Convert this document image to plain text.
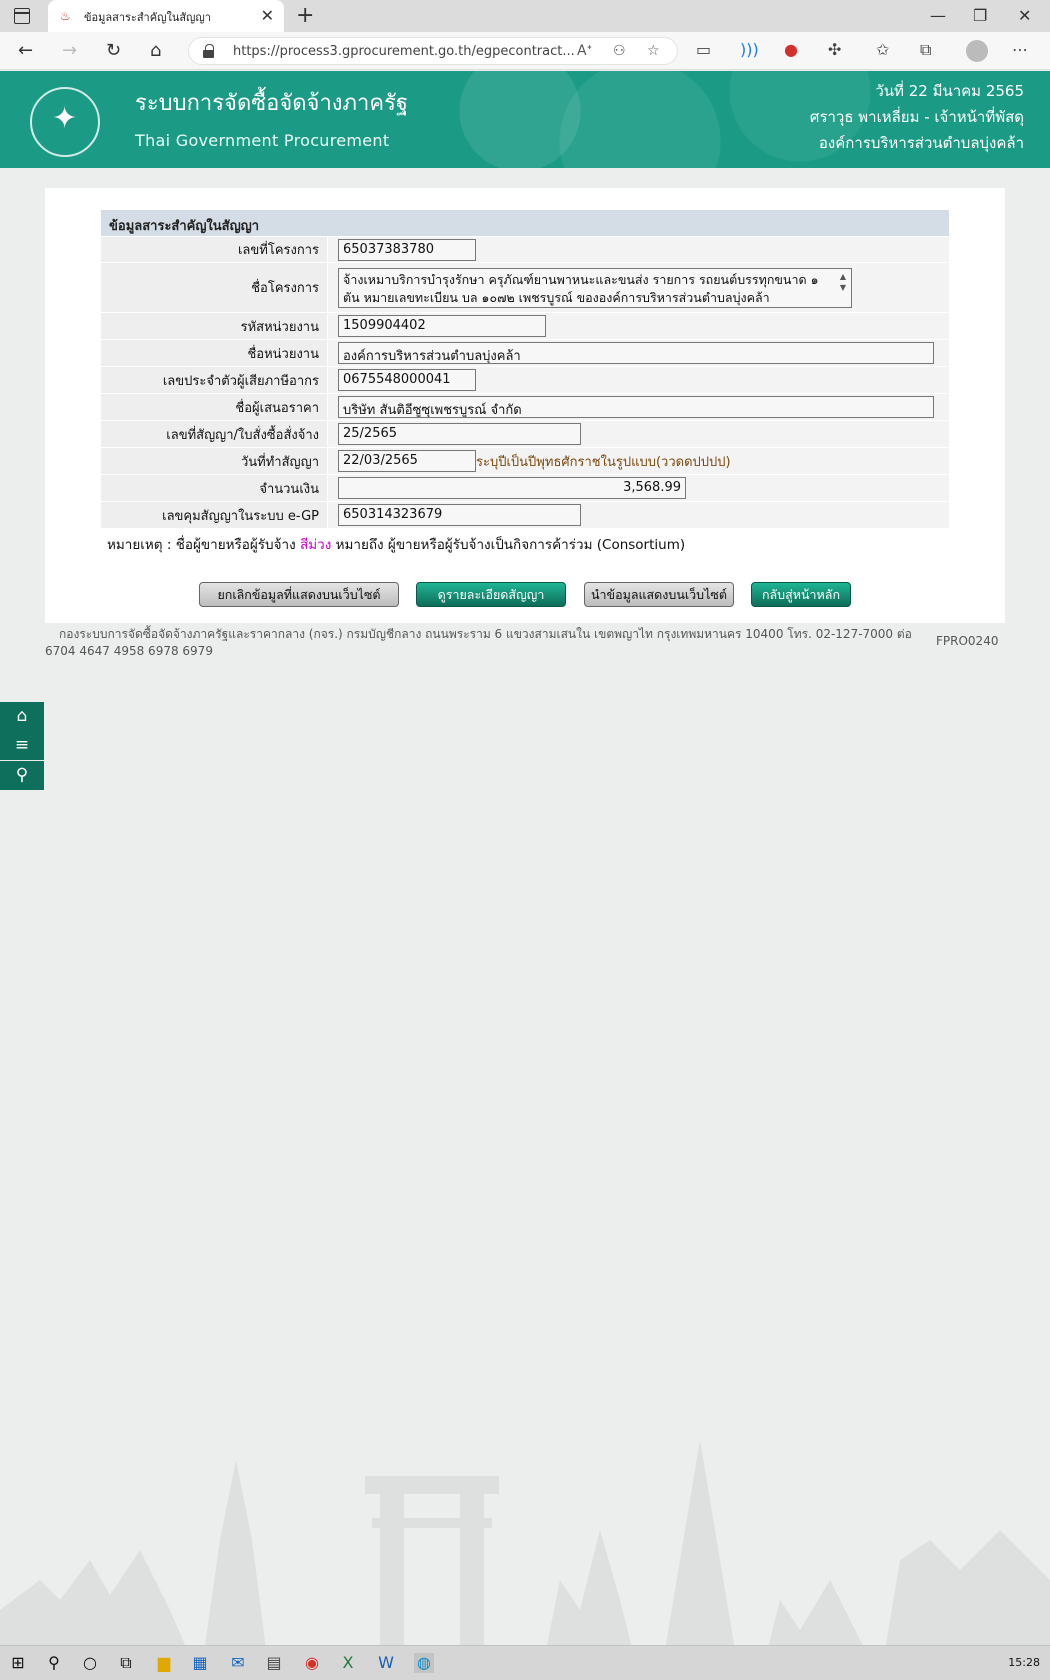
♨ ข้อมูลสาระสำคัญในสัญญา	✕ +	— ❐ ✕
← → ↻ ⌂	https://process3.gprocurement.go.th/egpecontract... Aᐩ ⚇ ☆ ▭ ))) ● ✣ ✩ ⧉	⋯
✦
ระบบการจัดซื้อจัดจ้างภาครัฐ
Thai Government Procurement
วันที่ 22 มีนาคม 2565
ศราวุธ พาเหลี่ยม - เจ้าหน้าที่พัสดุ
องค์การบริหารส่วนตำบลบุ่งคล้า
ข้อมูลสาระสำคัญในสัญญา
เลขที่โครงการ	65037383780
ชื่อโครงการ
จ้างเหมาบริการบำรุงรักษา ครุภัณฑ์ยานพาหนะและขนส่ง รายการ รถยนต์บรรทุกขนาด ๑ ตัน หมายเลขทะเบียน บล ๑๐๗๒ เพชรบูรณ์ ขององค์การบริหารส่วนตำบลบุ่งคล้า
▲
▼
รหัสหน่วยงาน	1509904402
ชื่อหน่วยงาน	องค์การบริหารส่วนตำบลบุ่งคล้า
เลขประจำตัวผู้เสียภาษีอากร	0675548000041
ชื่อผู้เสนอราคา	บริษัท สันติอีซูซุเพชรบูรณ์ จำกัด
เลขที่สัญญา/ใบสั่งซื้อสั่งจ้าง	25/2565
วันที่ทำสัญญา	22/03/2565	ระบุปีเป็นปีพุทธศักราชในรูปแบบ(ววดดปปปป)
จำนวนเงิน	3,568.99
เลขคุมสัญญาในระบบ e-GP	650314323679
หมายเหตุ : ชื่อผู้ขายหรือผู้รับจ้าง สีม่วง หมายถึง ผู้ขายหรือผู้รับจ้างเป็นกิจการค้าร่วม (Consortium)
ยกเลิกข้อมูลที่แสดงบนเว็บไซต์	ดูรายละเอียดสัญญา	นำข้อมูลแสดงบนเว็บไซต์	กลับสู่หน้าหลัก
กองระบบการจัดซื้อจัดจ้างภาครัฐและราคากลาง (กจร.) กรมบัญชีกลาง ถนนพระราม 6 แขวงสามเสนใน เขตพญาไท กรุงเทพมหานคร 10400 โทร. 02-127-7000 ต่อ 6704 4647 4958 6978 6979
FPRO0240
⌂
≡
⚲
⊞ ⚲ ○ ⧉ ▆ ▦ ✉ ▤ ◉ X W ◍	15:28
